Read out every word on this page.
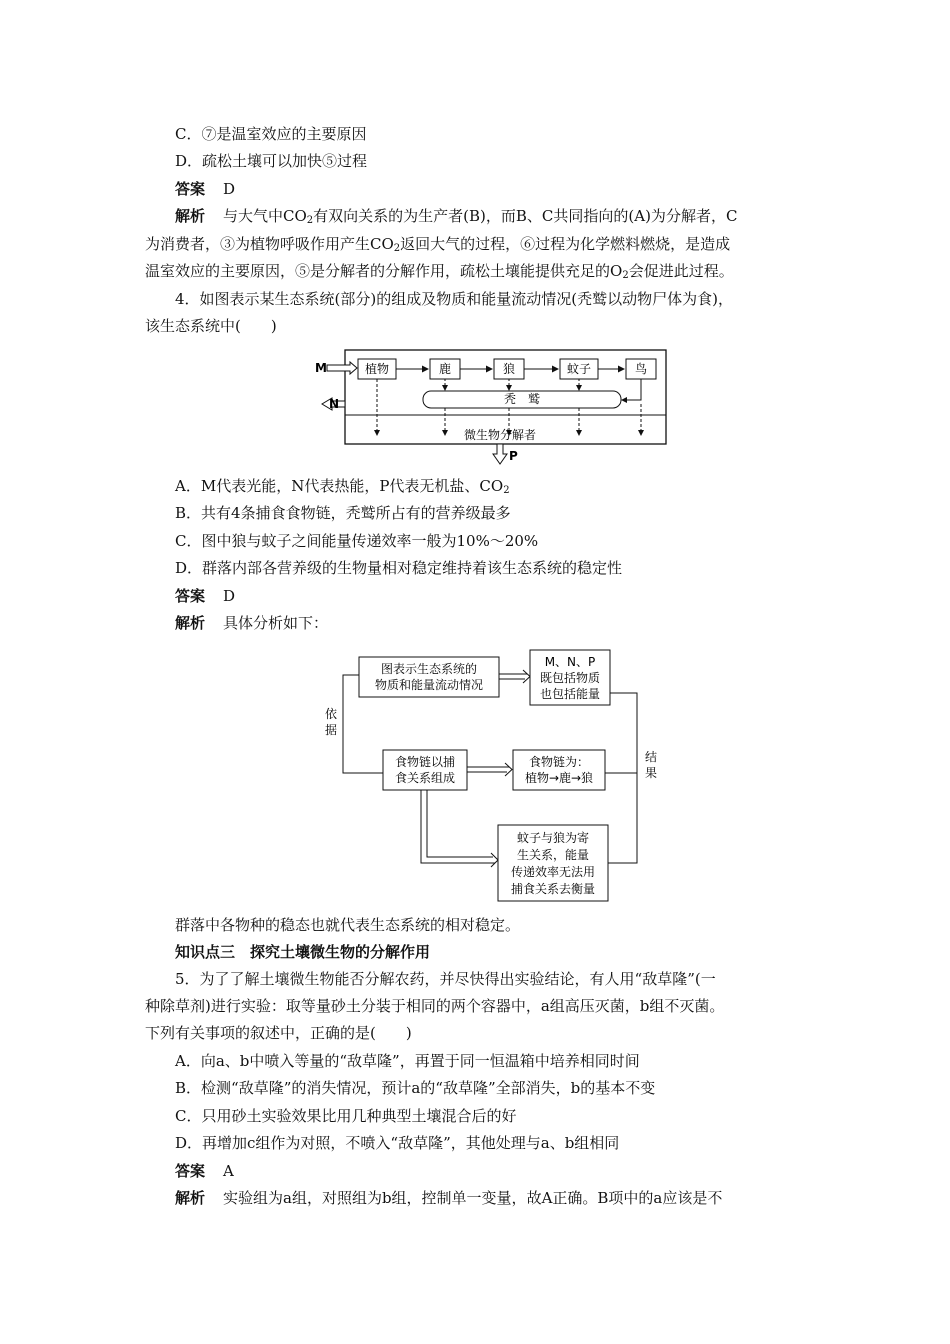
C．⑦是温室效应的主要原因
D．疏松土壤可以加快⑤过程
答案 D
解析 与大气中$CO_2$有双向关系的为生产者(B)，而B、C共同指向的(A)为分解者，C
为消费者，③为植物呼吸作用产生$CO_2$返回大气的过程，⑥过程为化学燃料燃烧，是造成
温室效应的主要原因，⑤是分解者的分解作用，疏松土壤能提供充足的$O_2$会促进此过程。
4．如图表示某生态系统(部分)的组成及物质和能量流动情况(秃鹫以动物尸体为食)，
该生态系统中(　　)
M
N
植物	鹿	狼	蚊子	鸟
秃　鹫
微生物分解者
P
A．M代表光能，N代表热能，P代表无机盐、$CO_2$
B．共有4条捕食食物链，秃鹫所占有的营养级最多
C．图中狼与蚊子之间能量传递效率一般为10%～20%
D．群落内部各营养级的生物量相对稳定维持着该生态系统的稳定性
答案 D
解析 具体分析如下：
图表示生态系统的
物质和能量流动情况
M、N、P
既包括物质
也包括能量
依
据
食物链以捕
食关系组成
食物链为：
植物→鹿→狼
结
果
蚊子与狼为寄
生关系，能量
传递效率无法用
捕食关系去衡量
群落中各物种的稳态也就代表生态系统的相对稳定。
知识点三　探究土壤微生物的分解作用
5．为了了解土壤微生物能否分解农药，并尽快得出实验结论，有人用“敌草隆”(一
种除草剂)进行实验：取等量砂土分装于相同的两个容器中，a组高压灭菌，b组不灭菌。
下列有关事项的叙述中，正确的是(　　)
A．向a、b中喷入等量的“敌草隆”，再置于同一恒温箱中培养相同时间
B．检测“敌草隆”的消失情况，预计a的“敌草隆”全部消失，b的基本不变
C．只用砂土实验效果比用几种典型土壤混合后的好
D．再增加c组作为对照，不喷入“敌草隆”，其他处理与a、b组相同
答案 A
解析 实验组为a组，对照组为b组，控制单一变量，故A正确。B项中的a应该是不
